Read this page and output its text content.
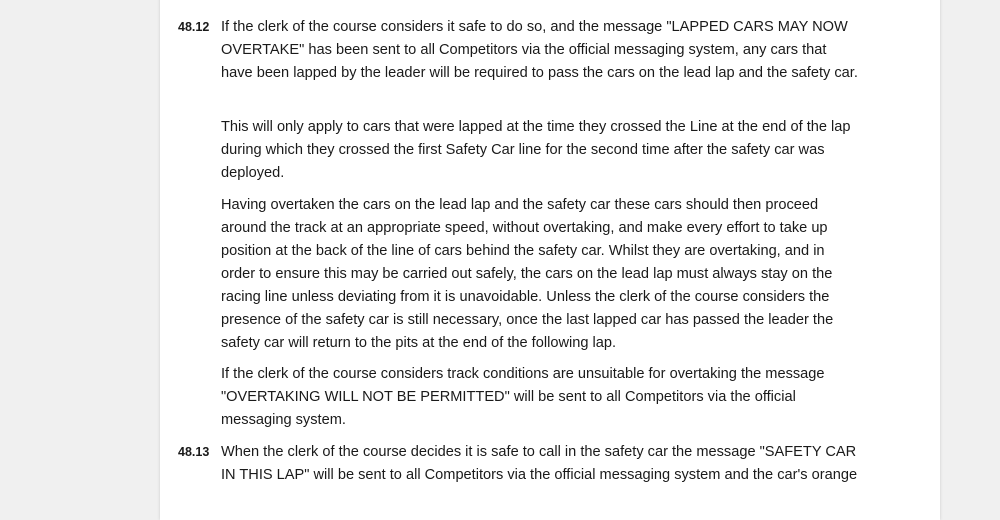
48.12 If the clerk of the course considers it safe to do so, and the message "LAPPED CARS MAY NOW OVERTAKE" has been sent to all Competitors via the official messaging system, any cars that have been lapped by the leader will be required to pass the cars on the lead lap and the safety car.

This will only apply to cars that were lapped at the time they crossed the Line at the end of the lap during which they crossed the first Safety Car line for the second time after the safety car was deployed.

Having overtaken the cars on the lead lap and the safety car these cars should then proceed around the track at an appropriate speed, without overtaking, and make every effort to take up position at the back of the line of cars behind the safety car. Whilst they are overtaking, and in order to ensure this may be carried out safely, the cars on the lead lap must always stay on the racing line unless deviating from it is unavoidable. Unless the clerk of the course considers the presence of the safety car is still necessary, once the last lapped car has passed the leader the safety car will return to the pits at the end of the following lap.

If the clerk of the course considers track conditions are unsuitable for overtaking the message "OVERTAKING WILL NOT BE PERMITTED" will be sent to all Competitors via the official messaging system.

48.13 When the clerk of the course decides it is safe to call in the safety car the message "SAFETY CAR

IN THIS LAP" will be sent to all Competitors via the official messaging system and the car's orange
